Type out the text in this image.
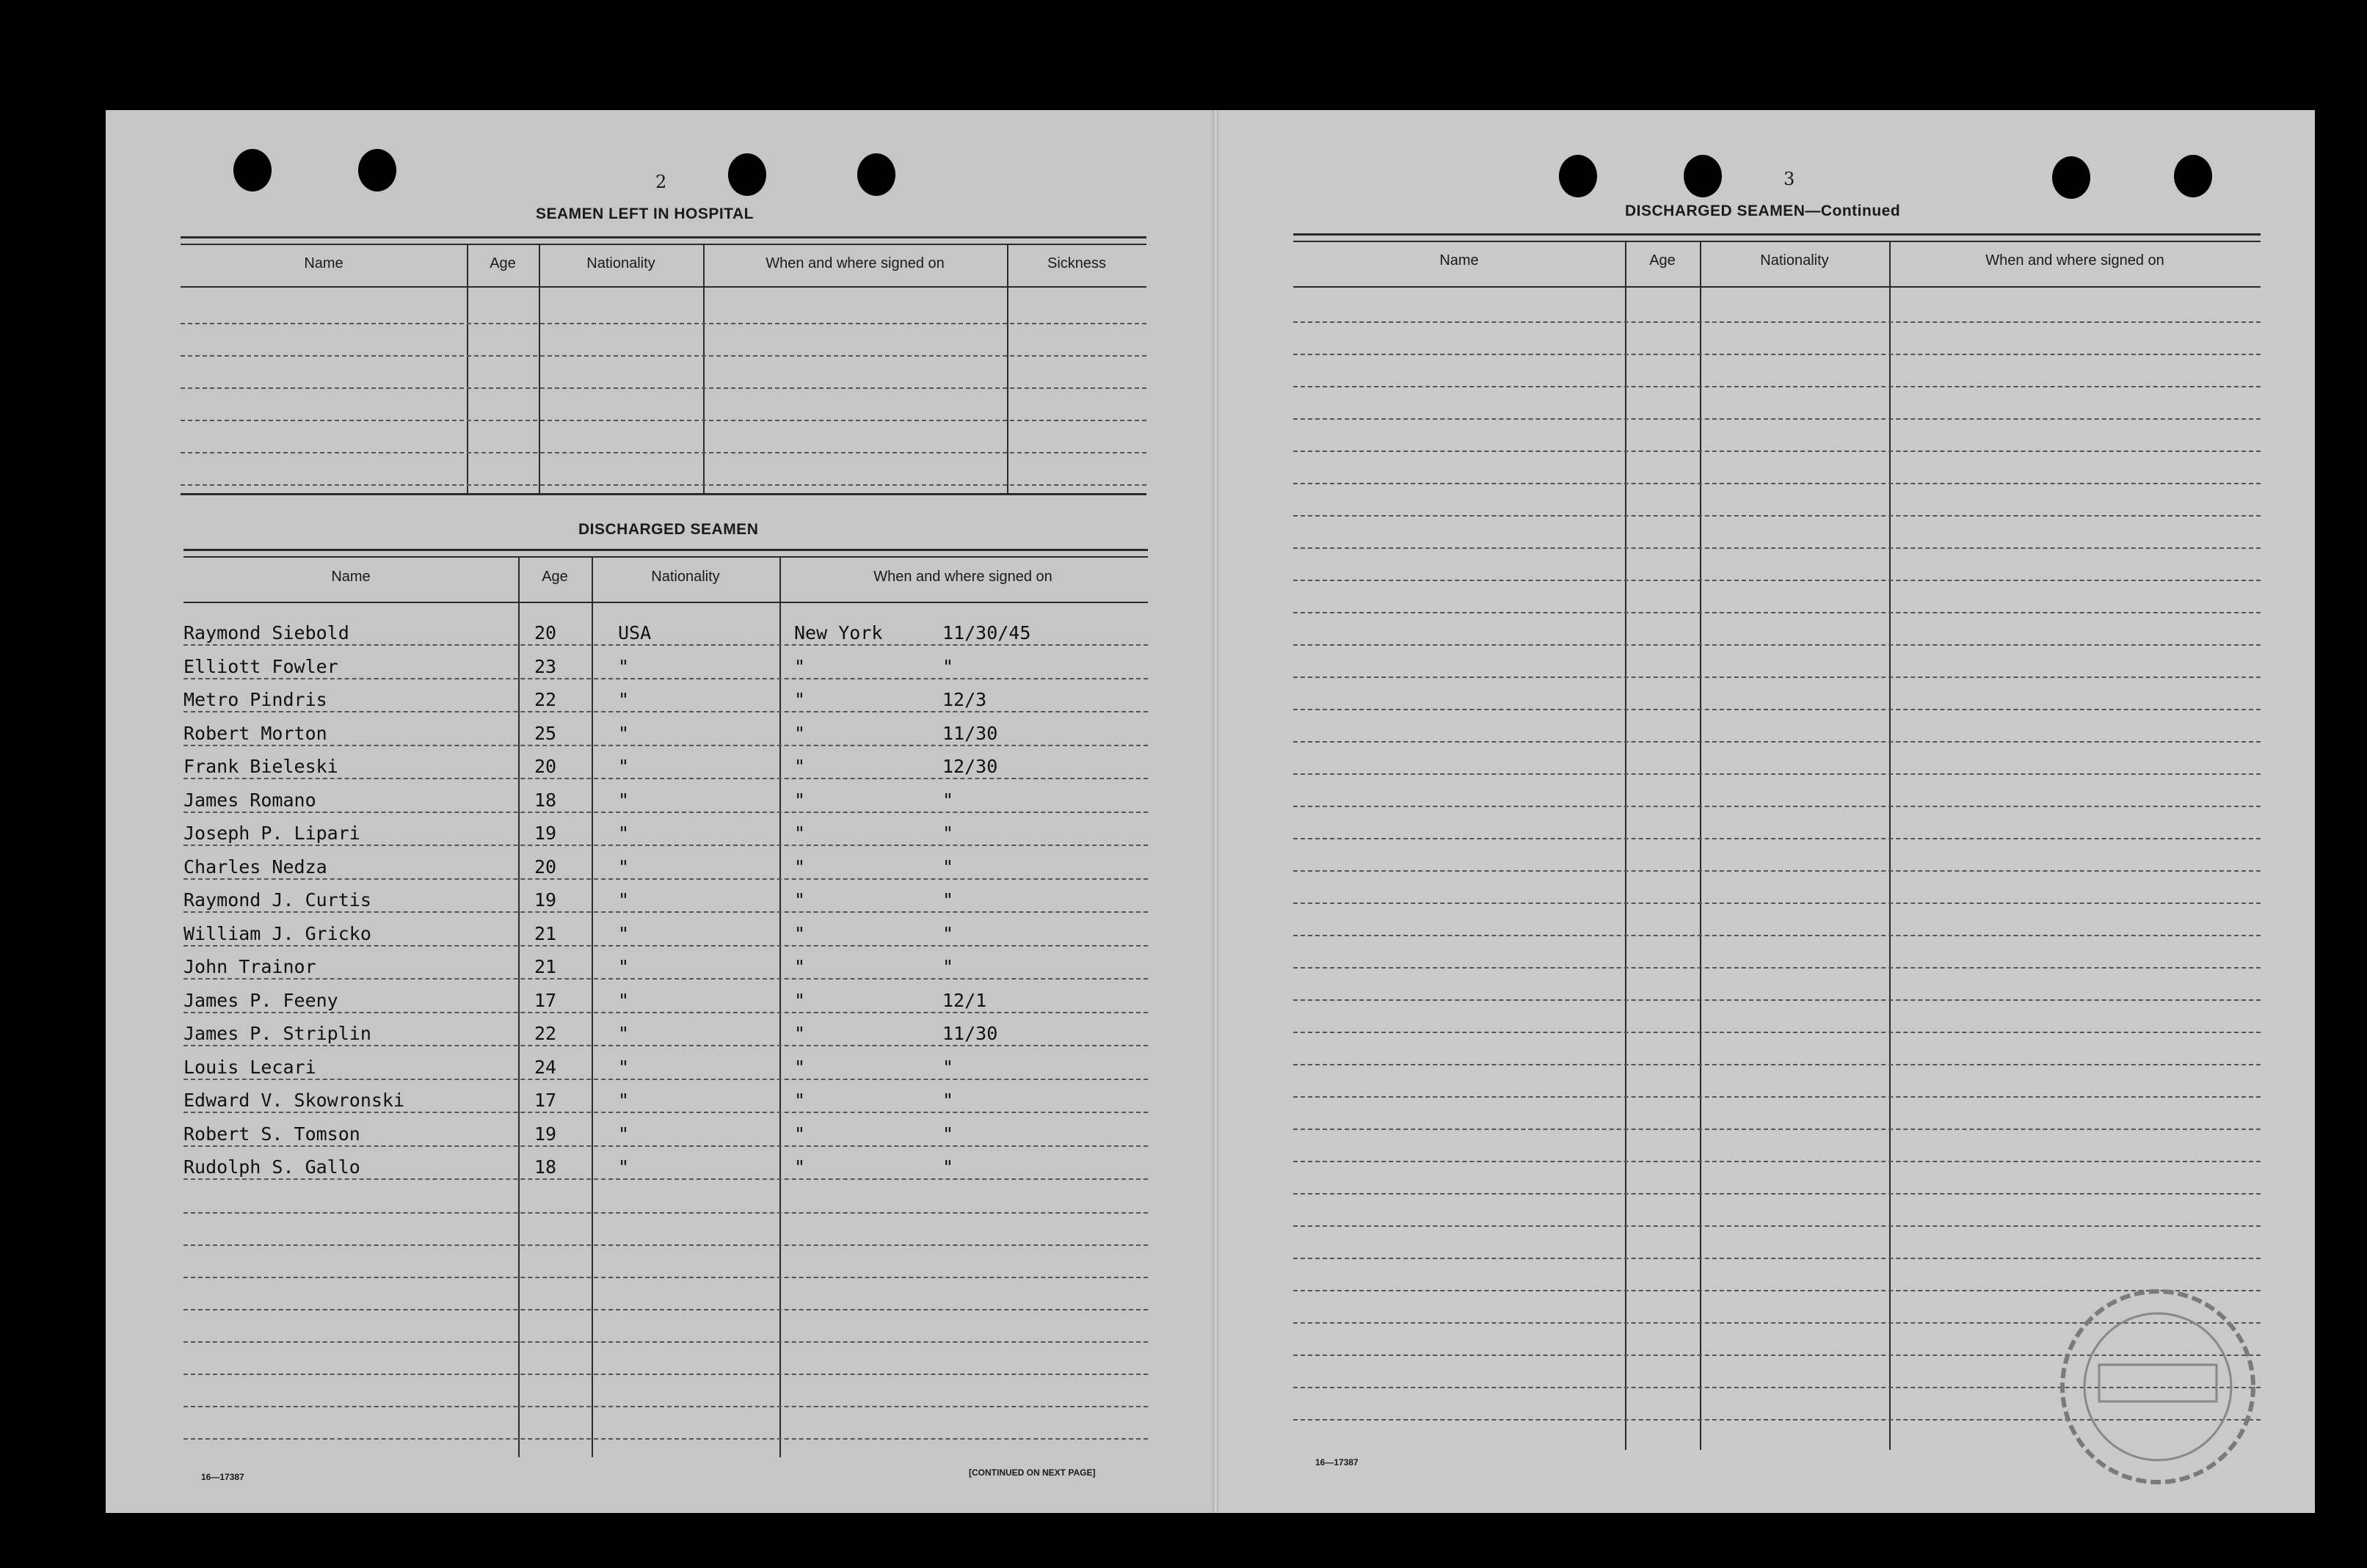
2
SEAMEN LEFT IN HOSPITAL
Name	Age	Nationality	When and where signed on	Sickness
DISCHARGED SEAMEN
Name	Age	Nationality	When and where signed on
Raymond Siebold	20	USA	New York	11/30/45
Elliott Fowler	23	"	"	"
Metro Pindris	22	"	"	12/3
Robert Morton	25	"	"	11/30
Frank Bieleski	20	"	"	12/30
James Romano	18	"	"	"
Joseph P. Lipari	19	"	"	"
Charles Nedza	20	"	"	"
Raymond J. Curtis	19	"	"	"
William J. Gricko	21	"	"	"
John Trainor	21	"	"	"
James P. Feeny	17	"	"	12/1
James P. Striplin	22	"	"	11/30
Louis Lecari	24	"	"	"
Edward V. Skowronski	17	"	"	"
Robert S. Tomson	19	"	"	"
Rudolph S. Gallo	18	"	"	"
16—17387	[CONTINUED ON NEXT PAGE]
3
DISCHARGED SEAMEN—Continued
Name	Age	Nationality	When and where signed on
16—17387
